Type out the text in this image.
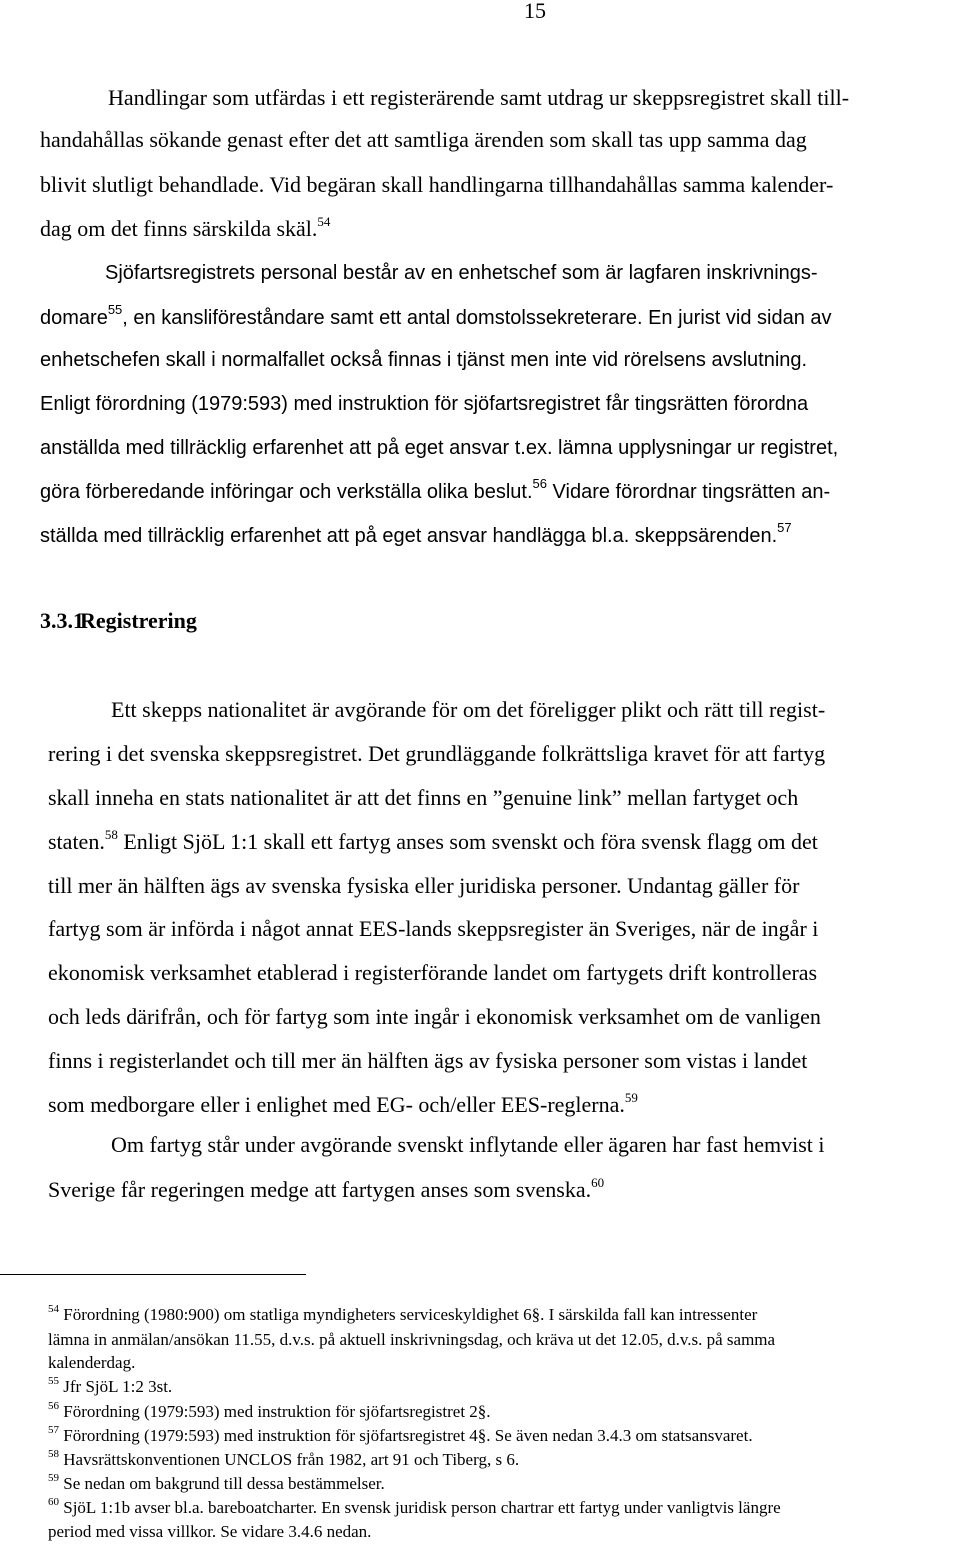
15

Handlingar som utfärdas i ett registerärende samt utdrag ur skeppsregistret skall till-

handahållas sökande genast efter det att samtliga ärenden som skall tas upp samma dag

blivit slutligt behandlade. Vid begäran skall handlingarna tillhandahållas samma kalender-

dag om det finns särskilda skäl.$^{54}$

Sjöfartsregistrets personal består av en enhetschef som är lagfaren inskrivnings-

domare$^{55}$, en kansliföreståndare samt ett antal domstolssekreterare. En jurist vid sidan av

enhetschefen skall i normalfallet också finnas i tjänst men inte vid rörelsens avslutning.

Enligt förordning (1979:593) med instruktion för sjöfartsregistret får tingsrätten förordna

anställda med tillräcklig erfarenhet att på eget ansvar t.ex. lämna upplysningar ur registret,

göra förberedande införingar och verkställa olika beslut.$^{56}$ Vidare förordnar tingsrätten an-

ställda med tillräcklig erfarenhet att på eget ansvar handlägga bl.a. skeppsärenden.$^{57}$

3.3.1Registrering

Ett skepps nationalitet är avgörande för om det föreligger plikt och rätt till regist-

rering i det svenska skeppsregistret. Det grundläggande folkrättsliga kravet för att fartyg

skall inneha en stats nationalitet är att det finns en ”genuine link” mellan fartyget och

staten.$^{58}$ Enligt SjöL 1:1 skall ett fartyg anses som svenskt och föra svensk flagg om det

till mer än hälften ägs av svenska fysiska eller juridiska personer. Undantag gäller för

fartyg som är införda i något annat EES-lands skeppsregister än Sveriges, när de ingår i

ekonomisk verksamhet etablerad i registerförande landet om fartygets drift kontrolleras

och leds därifrån, och för fartyg som inte ingår i ekonomisk verksamhet om de vanligen

finns i registerlandet och till mer än hälften ägs av fysiska personer som vistas i landet

som medborgare eller i enlighet med EG- och/eller EES-reglerna.$^{59}$

Om fartyg står under avgörande svenskt inflytande eller ägaren har fast hemvist i

Sverige får regeringen medge att fartygen anses som svenska.$^{60}$

$^{54}$ Förordning (1980:900) om statliga myndigheters serviceskyldighet 6§. I särskilda fall kan intressenter
lämna in anmälan/ansökan 11.55, d.v.s. på aktuell inskrivningsdag, och kräva ut det 12.05, d.v.s. på samma
kalenderdag.
$^{55}$ Jfr SjöL 1:2 3st.
$^{56}$ Förordning (1979:593) med instruktion för sjöfartsregistret 2§.
$^{57}$ Förordning (1979:593) med instruktion för sjöfartsregistret 4§. Se även nedan 3.4.3 om statsansvaret.
$^{58}$ Havsrättskonventionen UNCLOS från 1982, art 91 och Tiberg, s 6.
$^{59}$ Se nedan om bakgrund till dessa bestämmelser.
$^{60}$ SjöL 1:1b avser bl.a. bareboatcharter. En svensk juridisk person chartrar ett fartyg under vanligtvis längre
period med vissa villkor. Se vidare 3.4.6 nedan.
